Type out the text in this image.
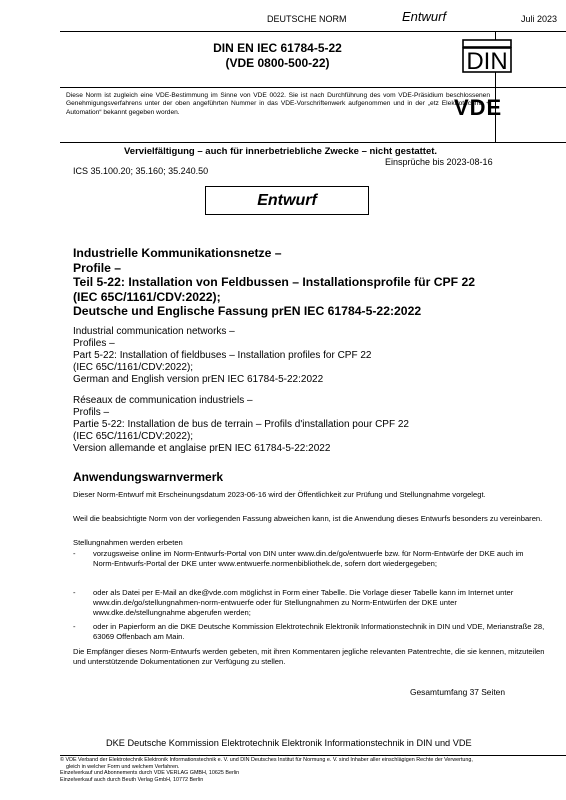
DEUTSCHE NORM	Entwurf	Juli 2023
DIN EN IEC 61784-5-22
(VDE 0800-500-22)
Diese Norm ist zugleich eine VDE-Bestimmung im Sinne von VDE 0022. Sie ist nach Durchführung des vom VDE-Präsidium beschlossenen Genehmigungsverfahrens unter der oben angeführten Nummer in das VDE-Vorschriftenwerk aufgenommen und in der „etz Elektrotechnik + Automation“ bekannt gegeben worden.
DIN
VDE
Vervielfältigung – auch für innerbetriebliche Zwecke – nicht gestattet.
Einsprüche bis 2023-08-16
ICS 35.100.20; 35.160; 35.240.50
Entwurf
Industrielle Kommunikationsnetze –
Profile –
Teil 5-22: Installation von Feldbussen – Installationsprofile für CPF 22
(IEC 65C/1161/CDV:2022);
Deutsche und Englische Fassung prEN IEC 61784-5-22:2022
Industrial communication networks –
Profiles –
Part 5-22: Installation of fieldbuses – Installation profiles for CPF 22
(IEC 65C/1161/CDV:2022);
German and English version prEN IEC 61784-5-22:2022
Réseaux de communication industriels –
Profils –
Partie 5-22: Installation de bus de terrain – Profils d'installation pour CPF 22
(IEC 65C/1161/CDV:2022);
Version allemande et anglaise prEN IEC 61784-5-22:2022
Anwendungswarnvermerk
Dieser Norm-Entwurf mit Erscheinungsdatum 2023-06-16 wird der Öffentlichkeit zur Prüfung und Stellungnahme vorgelegt.
Weil die beabsichtigte Norm von der vorliegenden Fassung abweichen kann, ist die Anwendung dieses Entwurfs besonders zu vereinbaren.
Stellungnahmen werden erbeten
- vorzugsweise online im Norm-Entwurfs-Portal von DIN unter www.din.de/go/entwuerfe bzw. für Norm-Entwürfe der DKE auch im Norm-Entwurfs-Portal der DKE unter www.entwuerfe.normenbibliothek.de, sofern dort wiedergegeben;
- oder als Datei per E-Mail an dke@vde.com möglichst in Form einer Tabelle. Die Vorlage dieser Tabelle kann im Internet unter www.din.de/go/stellungnahmen-norm-entwuerfe oder für Stellungnahmen zu Norm-Entwürfen der DKE unter www.dke.de/stellungnahme abgerufen werden;
- oder in Papierform an die DKE Deutsche Kommission Elektrotechnik Elektronik Informationstechnik in DIN und VDE, Merianstraße 28, 63069 Offenbach am Main.
Die Empfänger dieses Norm-Entwurfs werden gebeten, mit ihren Kommentaren jegliche relevanten Patentrechte, die sie kennen, mitzuteilen und unterstützende Dokumentationen zur Verfügung zu stellen.
Gesamtumfang 37 Seiten
DKE Deutsche Kommission Elektrotechnik Elektronik Informationstechnik in DIN und VDE
© VDE Verband der Elektrotechnik Elektronik Informationstechnik e. V. und DIN Deutsches Institut für Normung e. V. sind Inhaber aller einschlägigen Rechte der Verwertung,
gleich in welcher Form und welchem Verfahren.
Einzelverkauf und Abonnements durch VDE VERLAG GMBH, 10625 Berlin
Einzelverkauf auch durch Beuth Verlag GmbH, 10772 Berlin
